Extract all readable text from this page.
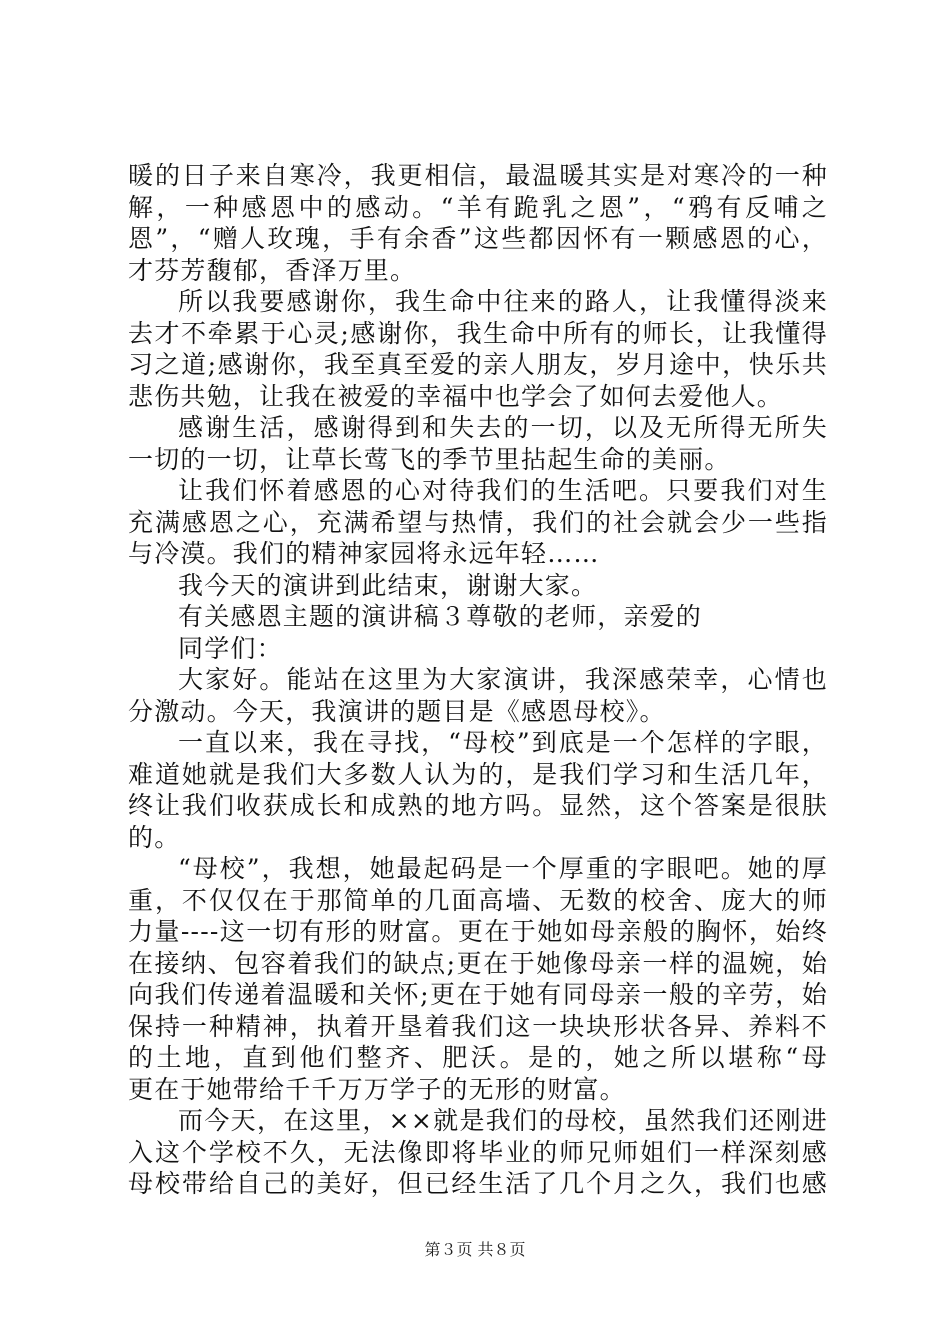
暖的日子来自寒冷，我更相信，最温暖其实是对寒冷的一种
解，一种感恩中的感动。“羊有跪乳之恩”，“鸦有反哺之
恩”，“赠人玫瑰，手有余香”这些都因怀有一颗感恩的心，
才芬芳馥郁，香泽万里。
所以我要感谢你，我生命中往来的路人，让我懂得淡来
去才不牵累于心灵;感谢你，我生命中所有的师长，让我懂得
习之道;感谢你，我至真至爱的亲人朋友，岁月途中，快乐共
悲伤共勉，让我在被爱的幸福中也学会了如何去爱他人。
感谢生活，感谢得到和失去的一切，以及无所得无所失
一切的一切，让草长莺飞的季节里拈起生命的美丽。
让我们怀着感恩的心对待我们的生活吧。只要我们对生
充满感恩之心，充满希望与热情，我们的社会就会少一些指
与冷漠。我们的精神家园将永远年轻……
我今天的演讲到此结束，谢谢大家。
有关感恩主题的演讲稿３尊敬的老师，亲爱的
同学们：
大家好。能站在这里为大家演讲，我深感荣幸，心情也
分激动。今天，我演讲的题目是《感恩母校》。
一直以来，我在寻找，“母校”到底是一个怎样的字眼，
难道她就是我们大多数人认为的，是我们学习和生活几年，
终让我们收获成长和成熟的地方吗。显然，这个答案是很肤
的。
“母校”，我想，她最起码是一个厚重的字眼吧。她的厚
重，不仅仅在于那简单的几面高墙、无数的校舍、庞大的师
力量----这一切有形的财富。更在于她如母亲般的胸怀，始终
在接纳、包容着我们的缺点;更在于她像母亲一样的温婉，始
向我们传递着温暖和关怀;更在于她有同母亲一般的辛劳，始
保持一种精神，执着开垦着我们这一块块形状各异、养料不
的土地，直到他们整齐、肥沃。是的，她之所以堪称“母
更在于她带给千千万万学子的无形的财富。
而今天，在这里，××就是我们的母校，虽然我们还刚进
入这个学校不久，无法像即将毕业的师兄师姐们一样深刻感
母校带给自己的美好，但已经生活了几个月之久，我们也感
第３页 共８页
